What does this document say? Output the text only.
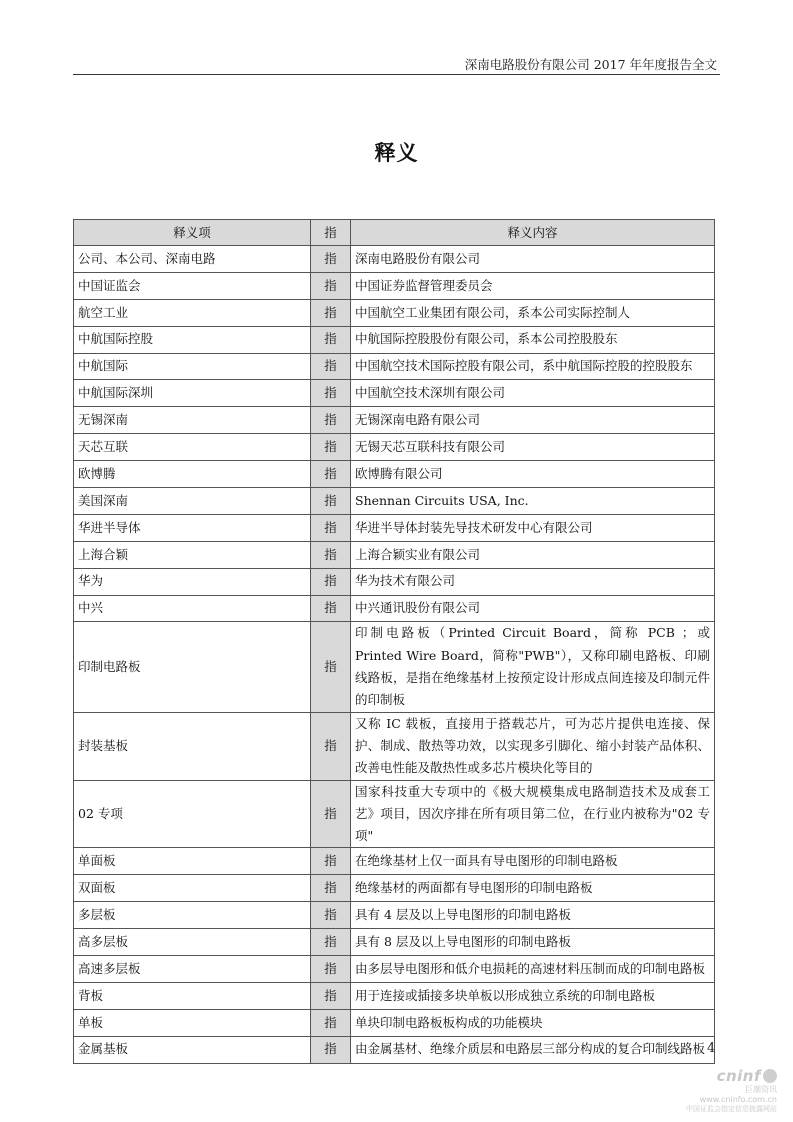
深南电路股份有限公司 2017 年年度报告全文
释义
释义项	指	释义内容
公司、本公司、深南电路	指	深南电路股份有限公司
中国证监会	指	中国证券监督管理委员会
航空工业	指	中国航空工业集团有限公司，系本公司实际控制人
中航国际控股	指	中航国际控股股份有限公司，系本公司控股股东
中航国际	指	中国航空技术国际控股有限公司，系中航国际控股的控股股东
中航国际深圳	指	中国航空技术深圳有限公司
无锡深南	指	无锡深南电路有限公司
天芯互联	指	无锡天芯互联科技有限公司
欧博腾	指	欧博腾有限公司
美国深南	指	Shennan Circuits USA, Inc.
华进半导体	指	华进半导体封装先导技术研发中心有限公司
上海合颖	指	上海合颖实业有限公司
华为	指	华为技术有限公司
中兴	指	中兴通讯股份有限公司
印制电路板	指	印制电路板（Printed Circuit Board，简称 PCB ；或 Printed Wire Board，简称"PWB"），又称印刷电路板、印刷线路板，是指在绝缘基材上按预定设计形成点间连接及印制元件的印制板
封装基板	指	又称 IC 载板，直接用于搭载芯片，可为芯片提供电连接、保护、制成、散热等功效，以实现多引脚化、缩小封装产品体积、改善电性能及散热性或多芯片模块化等目的
02 专项	指	国家科技重大专项中的《极大规模集成电路制造技术及成套工艺》项目，因次序排在所有项目第二位，在行业内被称为"02 专项"
单面板	指	在绝缘基材上仅一面具有导电图形的印制电路板
双面板	指	绝缘基材的两面都有导电图形的印制电路板
多层板	指	具有 4 层及以上导电图形的印制电路板
高多层板	指	具有 8 层及以上导电图形的印制电路板
高速多层板	指	由多层导电图形和低介电损耗的高速材料压制而成的印制电路板
背板	指	用于连接或插接多块单板以形成独立系统的印制电路板
单板	指	单块印制电路板板构成的功能模块
金属基板	指	由金属基材、绝缘介质层和电路层三部分构成的复合印制线路板 4
cninf
巨潮资讯
www.cninfo.com.cn
中国证监会指定信息披露网站
